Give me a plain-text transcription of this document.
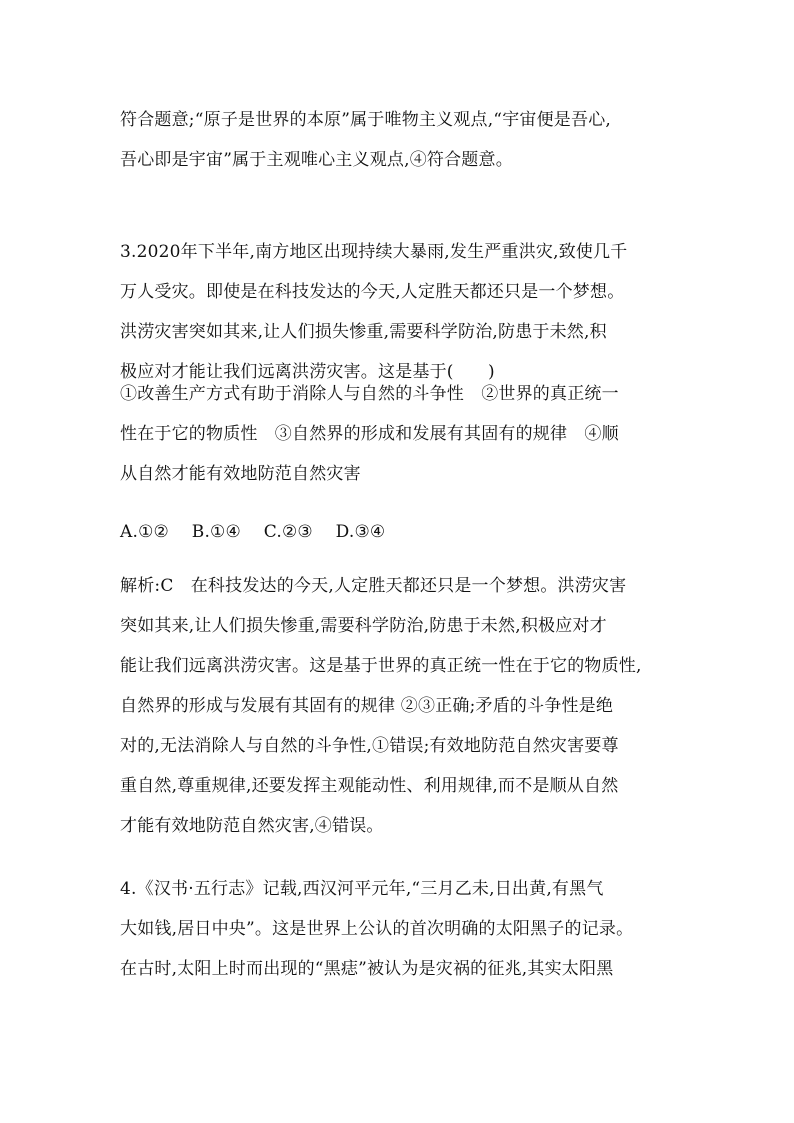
符合题意;“原子是世界的本原”属于唯物主义观点,“宇宙便是吾心,
吾心即是宇宙”属于主观唯心主义观点,④符合题意。
3.2020年下半年,南方地区出现持续大暴雨,发生严重洪灾,致使几千
万人受灾。即使是在科技发达的今天,人定胜天都还只是一个梦想。
洪涝灾害突如其来,让人们损失惨重,需要科学防治,防患于未然,积
极应对才能让我们远离洪涝灾害。这是基于(　　)
①改善生产方式有助于消除人与自然的斗争性　②世界的真正统一
性在于它的物质性　③自然界的形成和发展有其固有的规律　④顺
从自然才能有效地防范自然灾害
A.①②　 B.①④　 C.②③　 D.③④
解析:C　在科技发达的今天,人定胜天都还只是一个梦想。洪涝灾害
突如其来,让人们损失惨重,需要科学防治,防患于未然,积极应对才
能让我们远离洪涝灾害。这是基于世界的真正统一性在于它的物质性,
自然界的形成与发展有其固有的规律 ②③正确;矛盾的斗争性是绝
对的,无法消除人与自然的斗争性,①错误;有效地防范自然灾害要尊
重自然,尊重规律,还要发挥主观能动性、利用规律,而不是顺从自然
才能有效地防范自然灾害,④错误。
4.《汉书·五行志》记载,西汉河平元年,“三月乙未,日出黄,有黑气
大如钱,居日中央”。这是世界上公认的首次明确的太阳黑子的记录。
在古时,太阳上时而出现的“黑痣”被认为是灾祸的征兆,其实太阳黑
